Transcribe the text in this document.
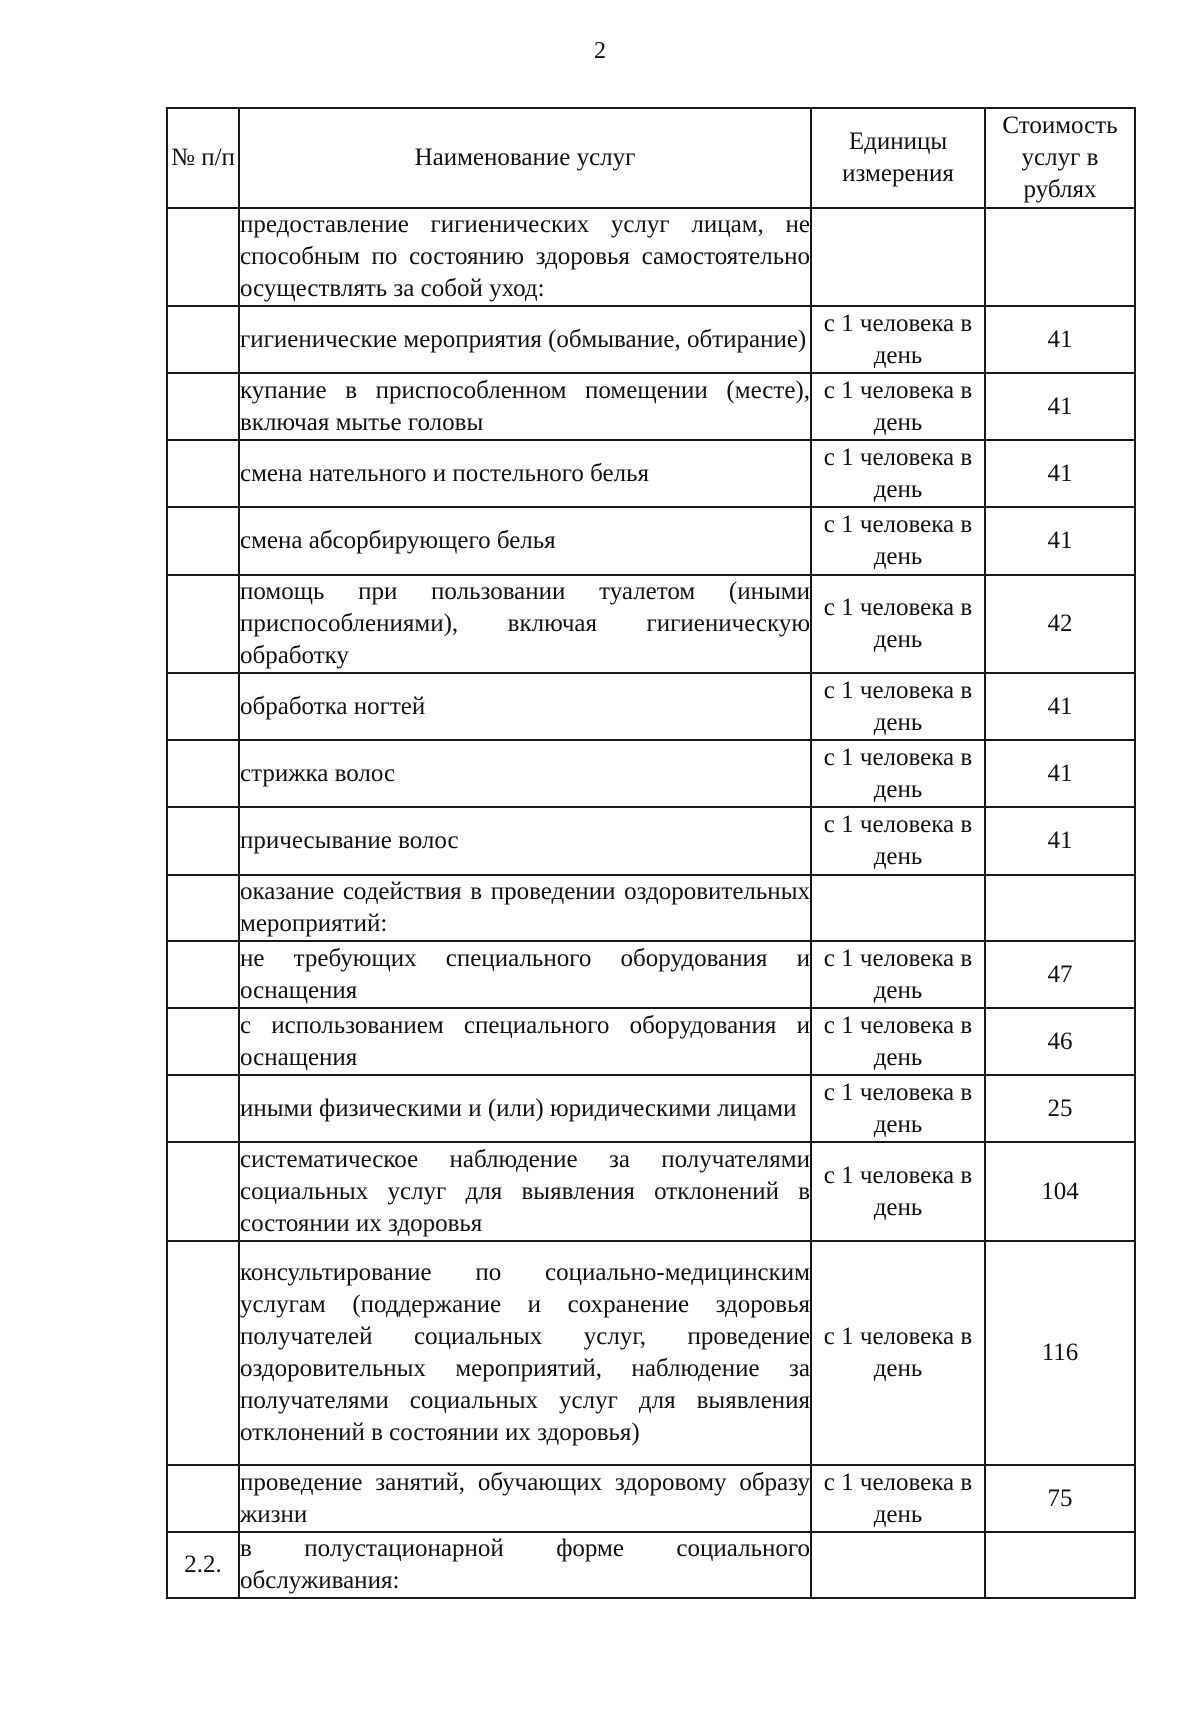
2
№ п/п	Наименование услуг	Единицы измерения	Стоимость услуг в рублях
	предоставление гигиенических услуг лицам, не способным по состоянию здоровья самостоятельно осуществлять за собой уход:		
	гигиенические мероприятия (обмывание, обтирание)	с 1 человека в день	41
	купание в приспособленном помещении (месте), включая мытье головы	с 1 человека в день	41
	смена нательного и постельного белья	с 1 человека в день	41
	смена абсорбирующего белья	с 1 человека в день	41
	помощь при пользовании туалетом (иными приспособлениями), включая гигиеническую обработку	с 1 человека в день	42
	обработка ногтей	с 1 человека в день	41
	стрижка волос	с 1 человека в день	41
	причесывание волос	с 1 человека в день	41
	оказание содействия в проведении оздоровительных мероприятий:		
	не требующих специального оборудования и оснащения	с 1 человека в день	47
	с использованием специального оборудования и оснащения	с 1 человека в день	46
	иными физическими и (или) юридическими лицами	с 1 человека в день	25
	систематическое наблюдение за получателями социальных услуг для выявления отклонений в состоянии их здоровья	с 1 человека в день	104
	консультирование по социально-медицинским услугам (поддержание и сохранение здоровья получателей социальных услуг, проведение оздоровительных мероприятий, наблюдение за получателями социальных услуг для выявления отклонений в состоянии их здоровья)	с 1 человека в день	116
	проведение занятий, обучающих здоровому образу жизни	с 1 человека в день	75
2.2.	в полустационарной форме социального обслуживания:		
